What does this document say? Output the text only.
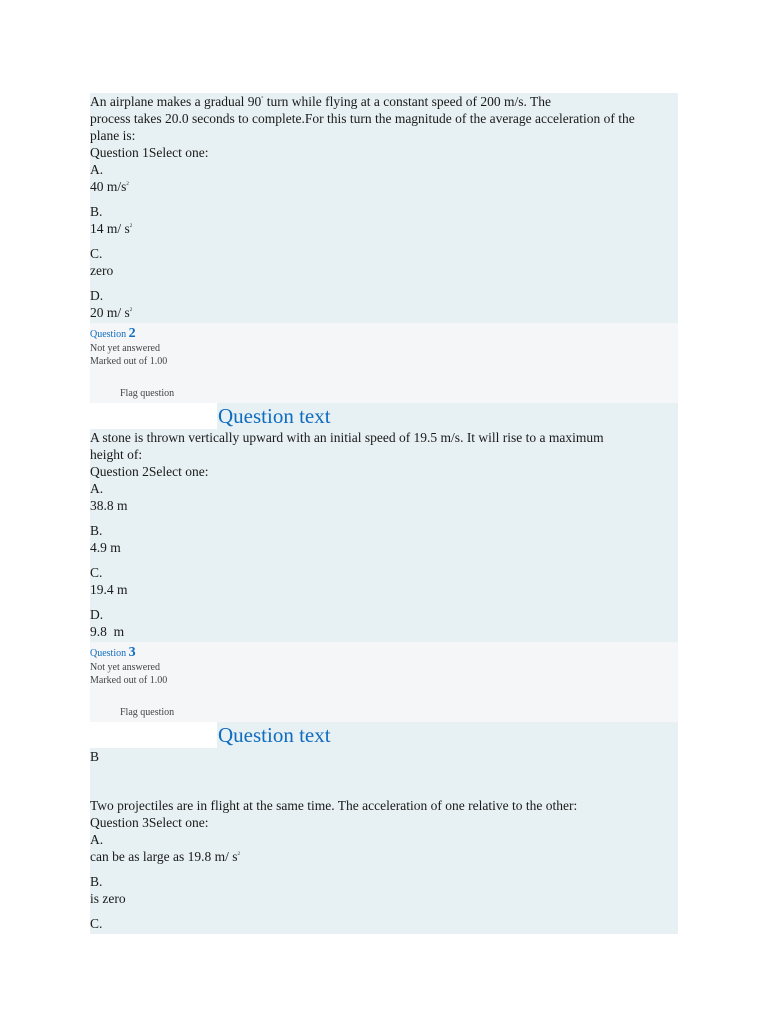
An airplane makes a gradual 90° turn while flying at a constant speed of 200 m/s. The
process takes 20.0 seconds to complete.For this turn the magnitude of the average acceleration of the
plane is:
Question 1Select one:
A.
40 $m/s^2$
B.
14 m/ $s^2$
C.
zero
D.
20 m/ $s^2$
Question 2
Not yet answered
Marked out of 1.00
Flag question
Question text
A stone is thrown vertically upward with an initial speed of 19.5 m/s. It will rise to a maximum
height of:
Question 2Select one:
A.
38.8 m
B.
4.9 m
C.
19.4 m
D.
9.8  m
Question 3
Not yet answered
Marked out of 1.00
Flag question
Question text
B
Two projectiles are in flight at the same time. The acceleration of one relative to the other:
Question 3Select one:
A.
can be as large as 19.8 m/ $s^2$
B.
is zero
C.
